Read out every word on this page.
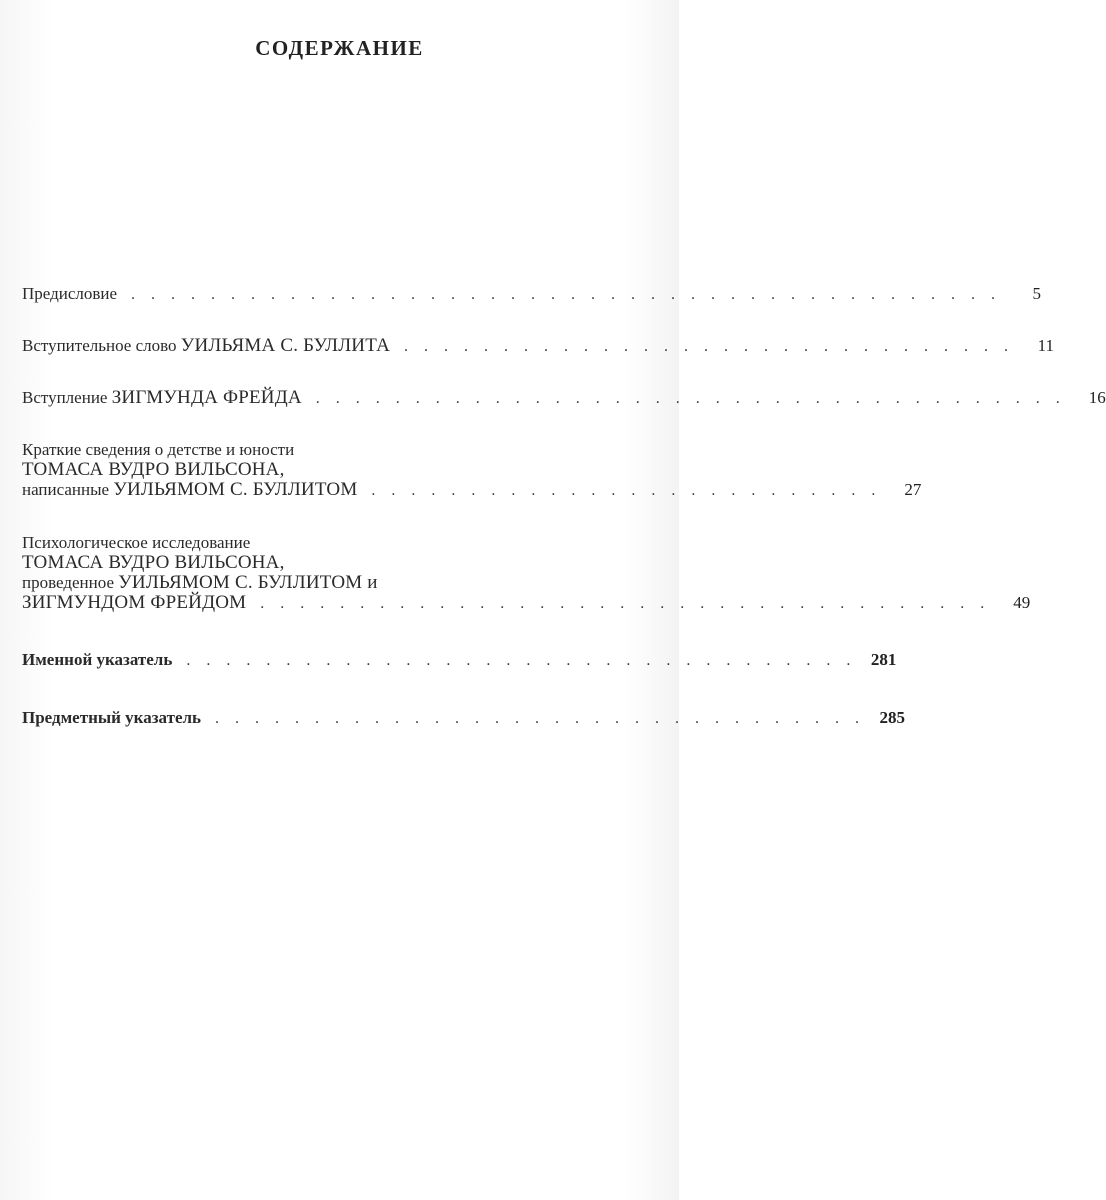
СОДЕРЖАНИЕ
Предисловие . . . . . . . . . . . . . . . . . . . . . . . . . . . . . . . . . . . . . . . . . . . .	5
Вступительное слово УИЛЬЯМА С. БУЛЛИТА . . . . . . . . . . . . . . . . . . . . . . . . . . . . . . .	11
Вступление ЗИГМУНДА ФРЕЙДА . . . . . . . . . . . . . . . . . . . . . . . . . . . . . . . . . . . . . .	16
Краткие сведения о детстве и юности
ТОМАСА ВУДРО ВИЛЬСОНА,
написанные УИЛЬЯМОМ С. БУЛЛИТОМ . . . . . . . . . . . . . . . . . . . . . . . . . .	27
Психологическое исследование
ТОМАСА ВУДРО ВИЛЬСОНА,
проведенное УИЛЬЯМОМ С. БУЛЛИТОМ и
ЗИГМУНДОМ ФРЕЙДОМ . . . . . . . . . . . . . . . . . . . . . . . . . . . . . . . . . . . . .	49
Именной указатель . . . . . . . . . . . . . . . . . . . . . . . . . . . . . . . . . . 281
Предметный указатель . . . . . . . . . . . . . . . . . . . . . . . . . . . . . . . . . 285
